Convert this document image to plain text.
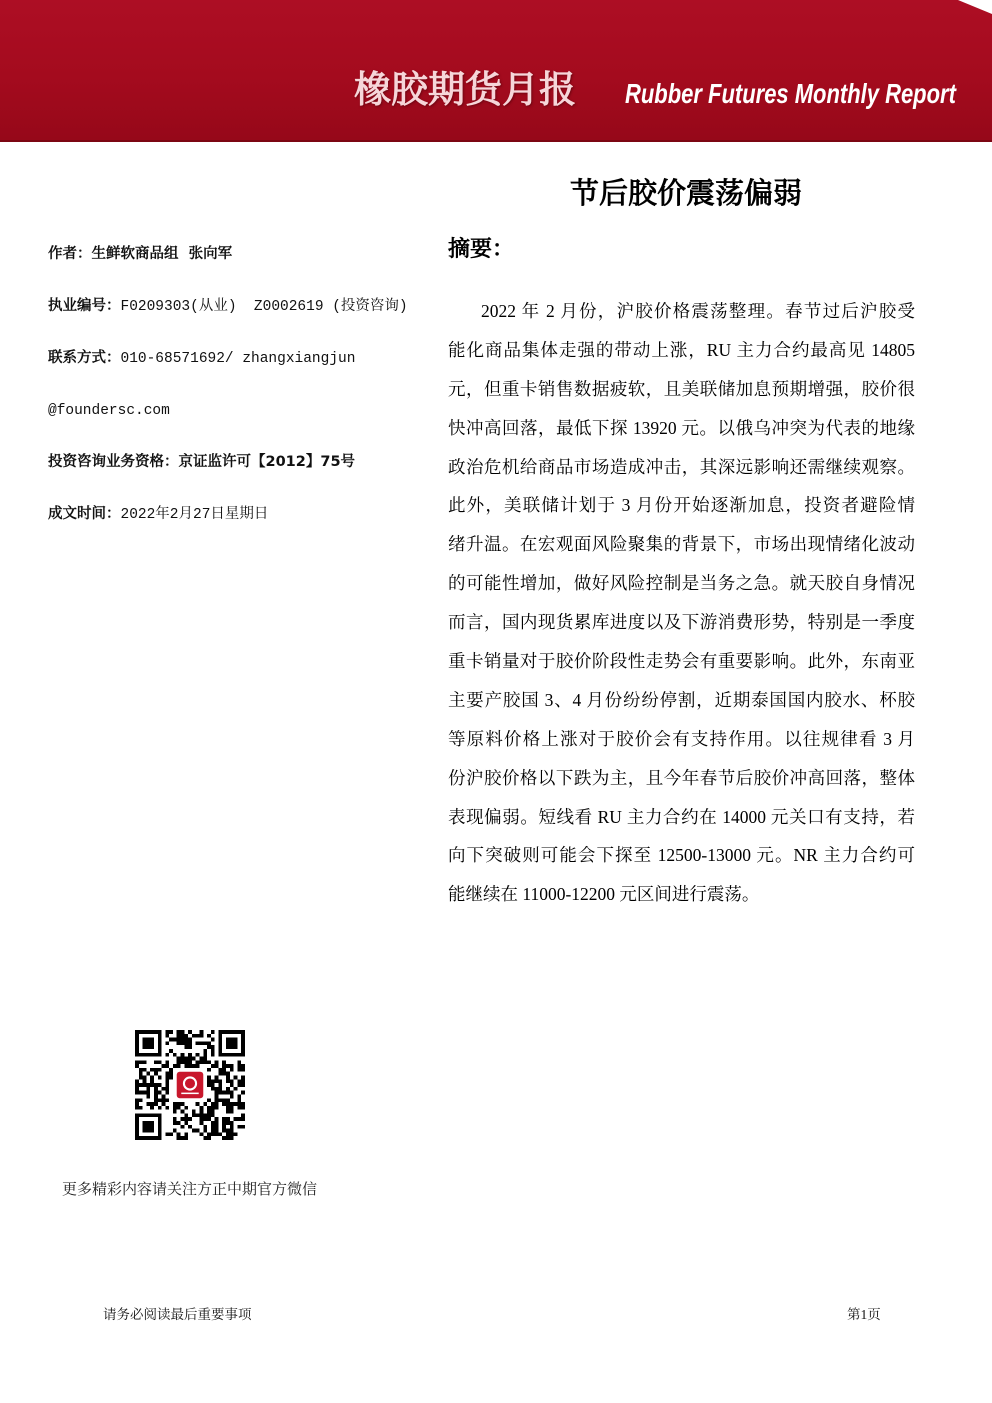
橡胶期货月报 Rubber Futures Monthly Report
节后胶价震荡偏弱
作者：生鲜软商品组  张向军
执业编号：F0209303(从业)  Z0002619 (投资咨询)
联系方式：010-68571692/ zhangxiangjun
@foundersc.com
投资咨询业务资格：京证监许可【2012】75号
成文时间：2022年2月27日星期日
摘要：
2022 年 2 月份，沪胶价格震荡整理。春节过后沪胶受
能化商品集体走强的带动上涨，RU 主力合约最高见 14805
元，但重卡销售数据疲软，且美联储加息预期增强，胶价很
快冲高回落，最低下探 13920 元。以俄乌冲突为代表的地缘
政治危机给商品市场造成冲击，其深远影响还需继续观察。
此外，美联储计划于 3 月份开始逐渐加息，投资者避险情
绪升温。在宏观面风险聚集的背景下，市场出现情绪化波动
的可能性增加，做好风险控制是当务之急。就天胶自身情况
而言，国内现货累库进度以及下游消费形势，特别是一季度
重卡销量对于胶价阶段性走势会有重要影响。此外，东南亚
主要产胶国 3、4 月份纷纷停割，近期泰国国内胶水、杯胶
等原料价格上涨对于胶价会有支持作用。以往规律看 3 月
份沪胶价格以下跌为主，且今年春节后胶价冲高回落，整体
表现偏弱。短线看 RU 主力合约在 14000 元关口有支持，若
向下突破则可能会下探至 12500-13000 元。NR 主力合约可
能继续在 11000-12200 元区间进行震荡。
更多精彩内容请关注方正中期官方微信
请务必阅读最后重要事项	第1页
